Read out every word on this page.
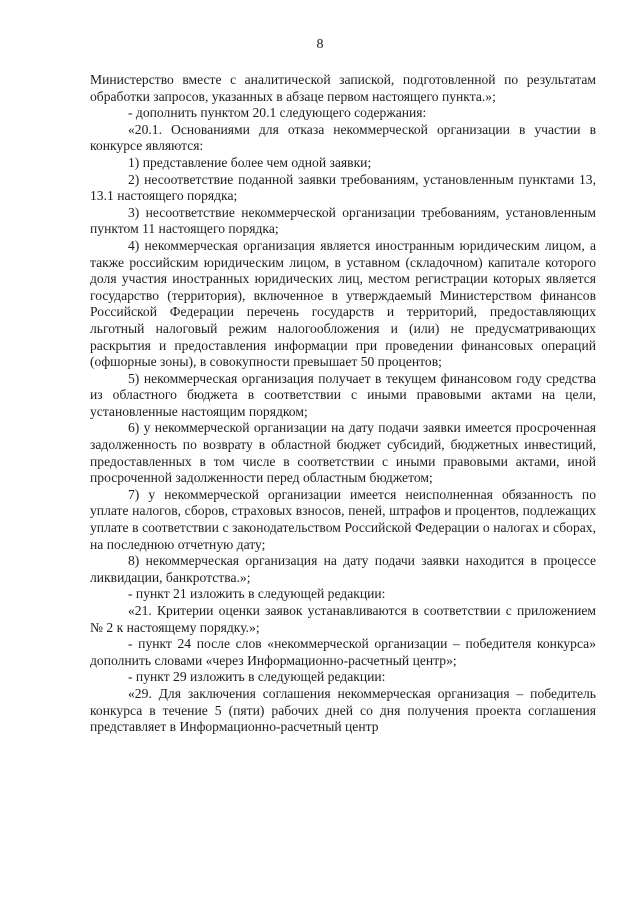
8

Министерство вместе с аналитической запиской, подготовленной по результатам обработки запросов, указанных в абзаце первом настоящего пункта.»;

- дополнить пунктом 20.1 следующего содержания:

«20.1. Основаниями для отказа некоммерческой организации в участии в конкурсе являются:

1) представление более чем одной заявки;

2) несоответствие поданной заявки требованиям, установленным пунктами 13, 13.1 настоящего порядка;

3) несоответствие некоммерческой организации требованиям, установленным пунктом 11 настоящего порядка;

4) некоммерческая организация является иностранным юридическим лицом, а также российским юридическим лицом, в уставном (складочном) капитале которого доля участия иностранных юридических лиц, местом регистрации которых является государство (территория), включенное в утверждаемый Министерством финансов Российской Федерации перечень государств и территорий, предоставляющих льготный налоговый режим налогообложения и (или) не предусматривающих раскрытия и предоставления информации при проведении финансовых операций (офшорные зоны), в совокупности превышает 50 процентов;

5) некоммерческая организация получает в текущем финансовом году средства из областного бюджета в соответствии с иными правовыми актами на цели, установленные настоящим порядком;

6) у некоммерческой организации на дату подачи заявки имеется просроченная задолженность по возврату в областной бюджет субсидий, бюджетных инвестиций, предоставленных в том числе в соответствии с иными правовыми актами, иной просроченной задолженности перед областным бюджетом;

7) у некоммерческой организации имеется неисполненная обязанность по уплате налогов, сборов, страховых взносов, пеней, штрафов и процентов, подлежащих уплате в соответствии с законодательством Российской Федерации о налогах и сборах, на последнюю отчетную дату;

8) некоммерческая организация на дату подачи заявки находится в процессе ликвидации, банкротства.»;

- пункт 21 изложить в следующей редакции:

«21. Критерии оценки заявок устанавливаются в соответствии с приложением № 2 к настоящему порядку.»;

- пункт 24 после слов «некоммерческой организации – победителя конкурса» дополнить словами «через Информационно-расчетный центр»;

- пункт 29 изложить в следующей редакции:

«29. Для заключения соглашения некоммерческая организация – победитель конкурса в течение 5 (пяти) рабочих дней со дня получения проекта соглашения представляет в Информационно-расчетный центр
